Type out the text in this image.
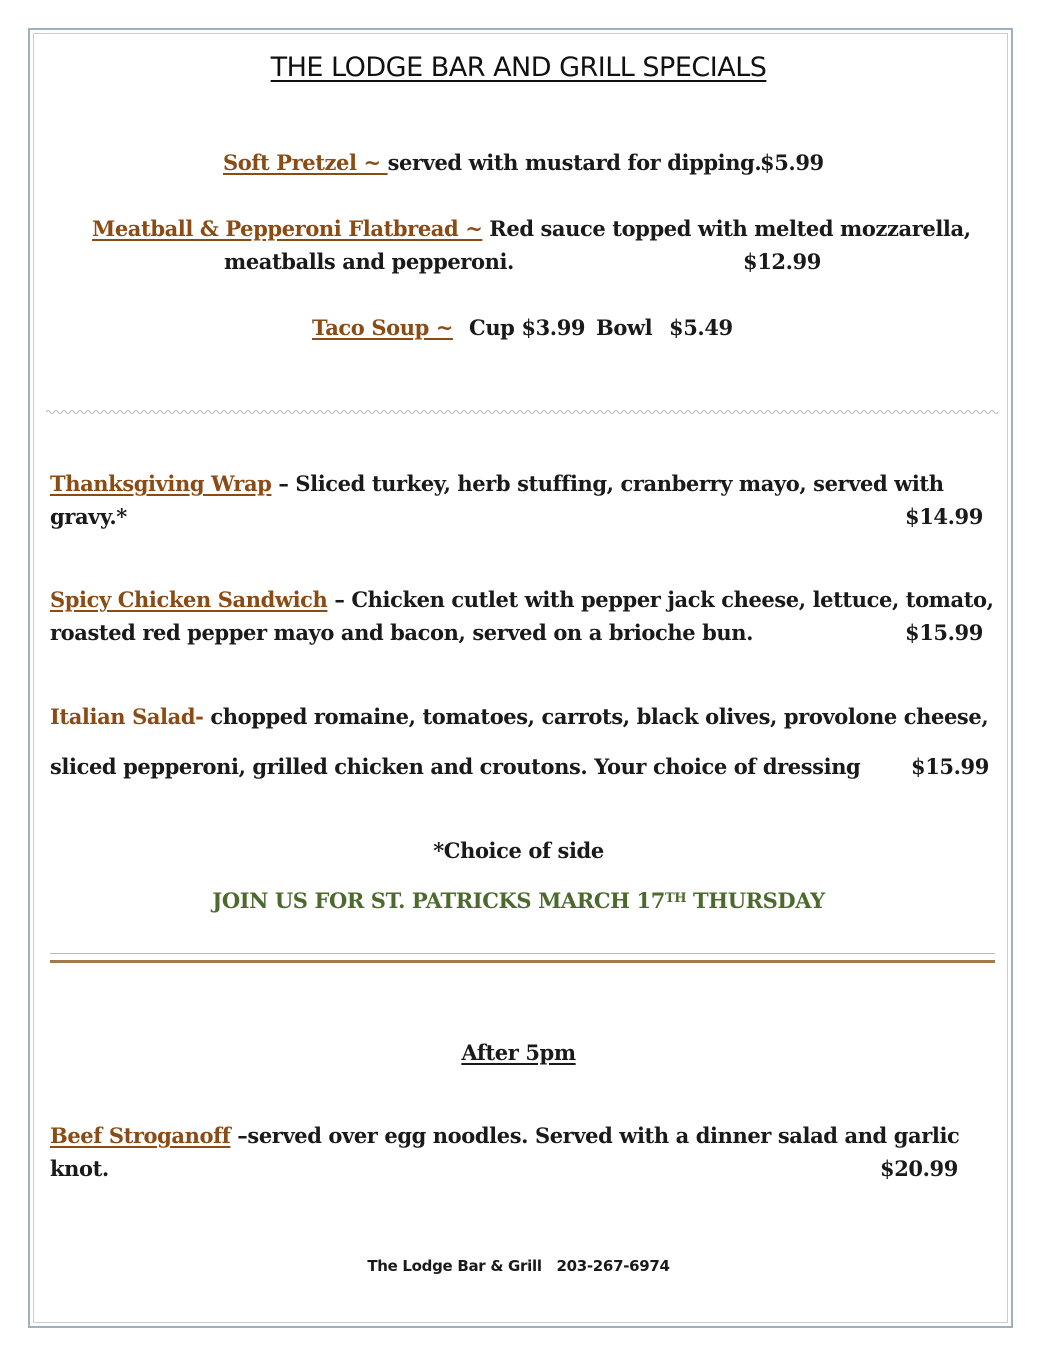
THE LODGE BAR AND GRILL SPECIALS
Soft Pretzel ~ served with mustard for dipping.
$5.99
Meatball & Pepperoni Flatbread ~ Red sauce topped with melted mozzarella,
meatballs and pepperoni.	$12.99
Taco Soup ~ Cup $3.99 Bowl $5.49
Thanksgiving Wrap – Sliced turkey, herb stuffing, cranberry mayo, served with
gravy.*	$14.99
Spicy Chicken Sandwich – Chicken cutlet with pepper jack cheese, lettuce, tomato,
roasted red pepper mayo and bacon, served on a brioche bun.	$15.99
Italian Salad- chopped romaine, tomatoes, carrots, black olives, provolone cheese,
sliced pepperoni, grilled chicken and croutons. Your choice of dressing $15.99
*Choice of side
JOIN US FOR ST. PATRICKS MARCH 17TH THURSDAY
After 5pm
Beef Stroganoff –served over egg noodles. Served with a dinner salad and garlic
knot.	$20.99
The Lodge Bar & Grill 203-267-6974
